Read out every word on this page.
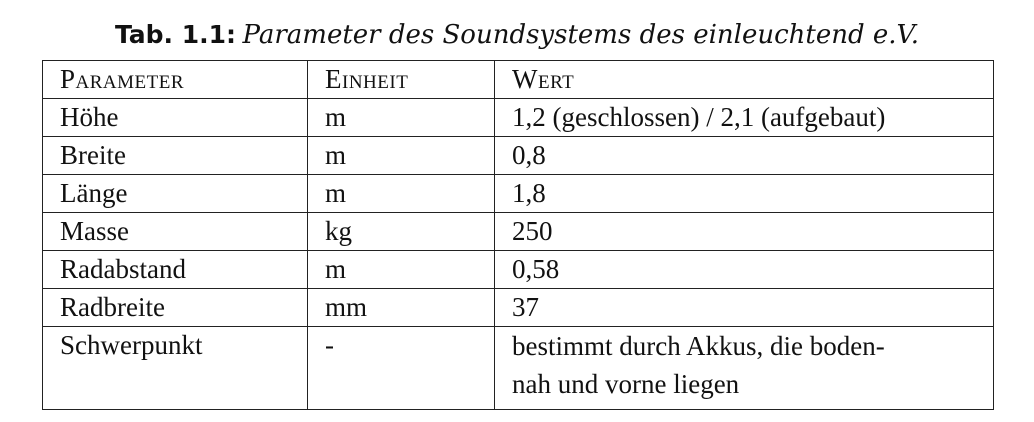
Tab. 1.1: Parameter des Soundsystems des einleuchtend e.V.
Parameter	Einheit	Wert
Höhe	m	1,2 (geschlossen) / 2,1 (aufgebaut)
Breite	m	0,8
Länge	m	1,8
Masse	kg	250
Radabstand	m	0,58
Radbreite	mm	37
Schwerpunkt	-	bestimmt durch Akkus, die boden-
nah und vorne liegen
